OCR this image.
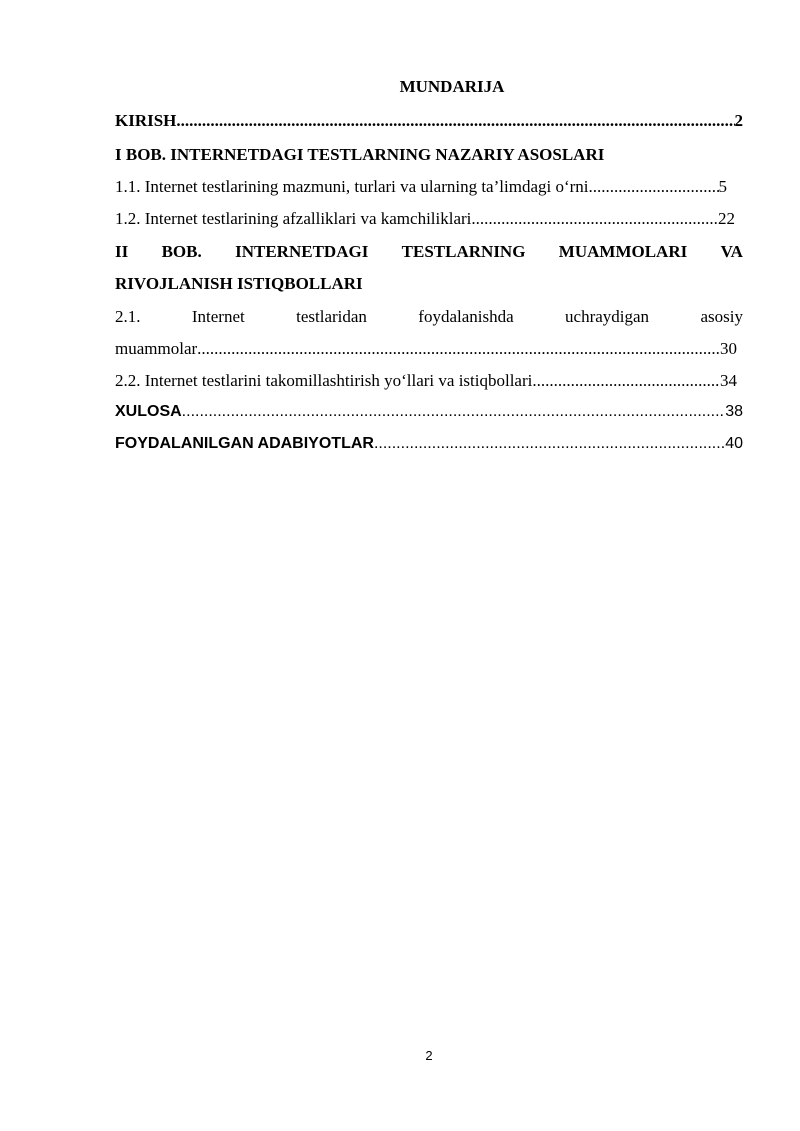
MUNDARIJA
KIRISH .....	2
I BOB. INTERNETDAGI TESTLARNING NAZARIY ASOSLARI
1.1. Internet testlarining mazmuni, turlari va ularning ta’limdagi o‘rni .....	5
1.2. Internet testlarining afzalliklari va kamchiliklari .....	22
II BOB. INTERNETDAGI TESTLARNING MUAMMOLARI VA
RIVOJLANISH ISTIQBOLLARI
2.1.	Internet	testlaridan	foydalanishda	uchraydigan	asosiy
muammolar .....	30
2.2. Internet testlarini takomillashtirish yo‘llari va istiqbollari .....	34
XULOSA .....	38
FOYDALANILGAN ADABIYOTLAR .....	40
2
